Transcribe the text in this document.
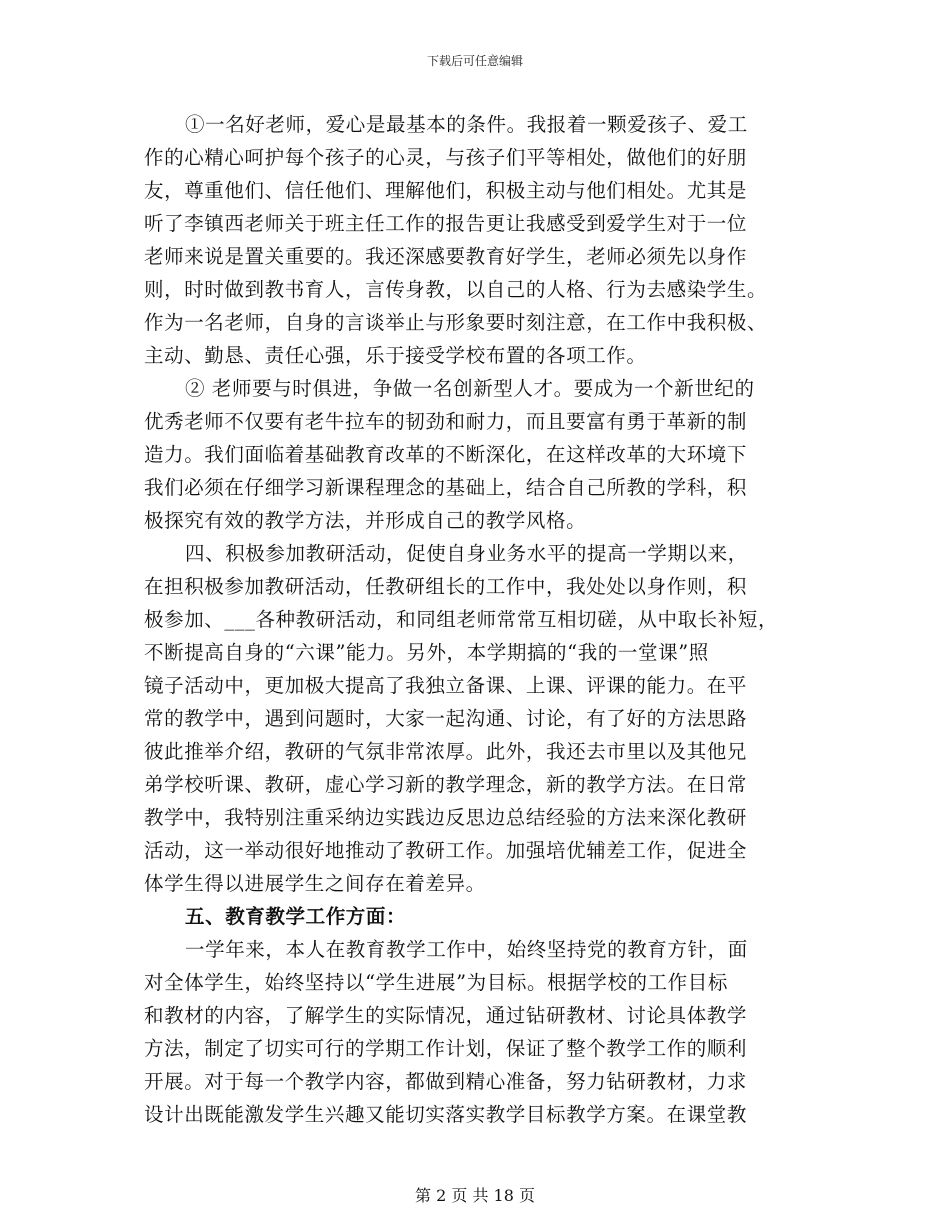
下载后可任意编辑
①一名好老师，爱心是最基本的条件。我报着一颗爱孩子、爱工
作的心精心呵护每个孩子的心灵，与孩子们平等相处，做他们的好朋
友，尊重他们、信任他们、理解他们，积极主动与他们相处。尤其是
听了李镇西老师关于班主任工作的报告更让我感受到爱学生对于一位
老师来说是置关重要的。我还深感要教育好学生，老师必须先以身作
则，时时做到教书育人，言传身教，以自己的人格、行为去感染学生。
作为一名老师，自身的言谈举止与形象要时刻注意，在工作中我积极、
主动、勤恳、责任心强，乐于接受学校布置的各项工作。
② 老师要与时俱进，争做一名创新型人才。要成为一个新世纪的
优秀老师不仅要有老牛拉车的韧劲和耐力，而且要富有勇于革新的制
造力。我们面临着基础教育改革的不断深化，在这样改革的大环境下
我们必须在仔细学习新课程理念的基础上，结合自己所教的学科，积
极探究有效的教学方法，并形成自己的教学风格。
四、积极参加教研活动，促使自身业务水平的提高一学期以来，
在担积极参加教研活动，任教研组长的工作中，我处处以身作则，积
极参加、___各种教研活动，和同组老师常常互相切磋，从中取长补短，
不断提高自身的“六课”能力。另外，本学期搞的“我的一堂课”照
镜子活动中，更加极大提高了我独立备课、上课、评课的能力。在平
常的教学中，遇到问题时，大家一起沟通、讨论，有了好的方法思路
彼此推举介绍，教研的气氛非常浓厚。此外，我还去市里以及其他兄
弟学校听课、教研，虚心学习新的教学理念，新的教学方法。在日常
教学中，我特别注重采纳边实践边反思边总结经验的方法来深化教研
活动，这一举动很好地推动了教研工作。加强培优辅差工作，促进全
体学生得以进展学生之间存在着差异。
五、教育教学工作方面：
一学年来，本人在教育教学工作中，始终坚持党的教育方针，面
对全体学生，始终坚持以“学生进展”为目标。根据学校的工作目标
和教材的内容，了解学生的实际情况，通过钻研教材、讨论具体教学
方法，制定了切实可行的学期工作计划，保证了整个教学工作的顺利
开展。对于每一个教学内容，都做到精心准备，努力钻研教材，力求
设计出既能激发学生兴趣又能切实落实教学目标教学方案。在课堂教
第 2 页 共 18 页
